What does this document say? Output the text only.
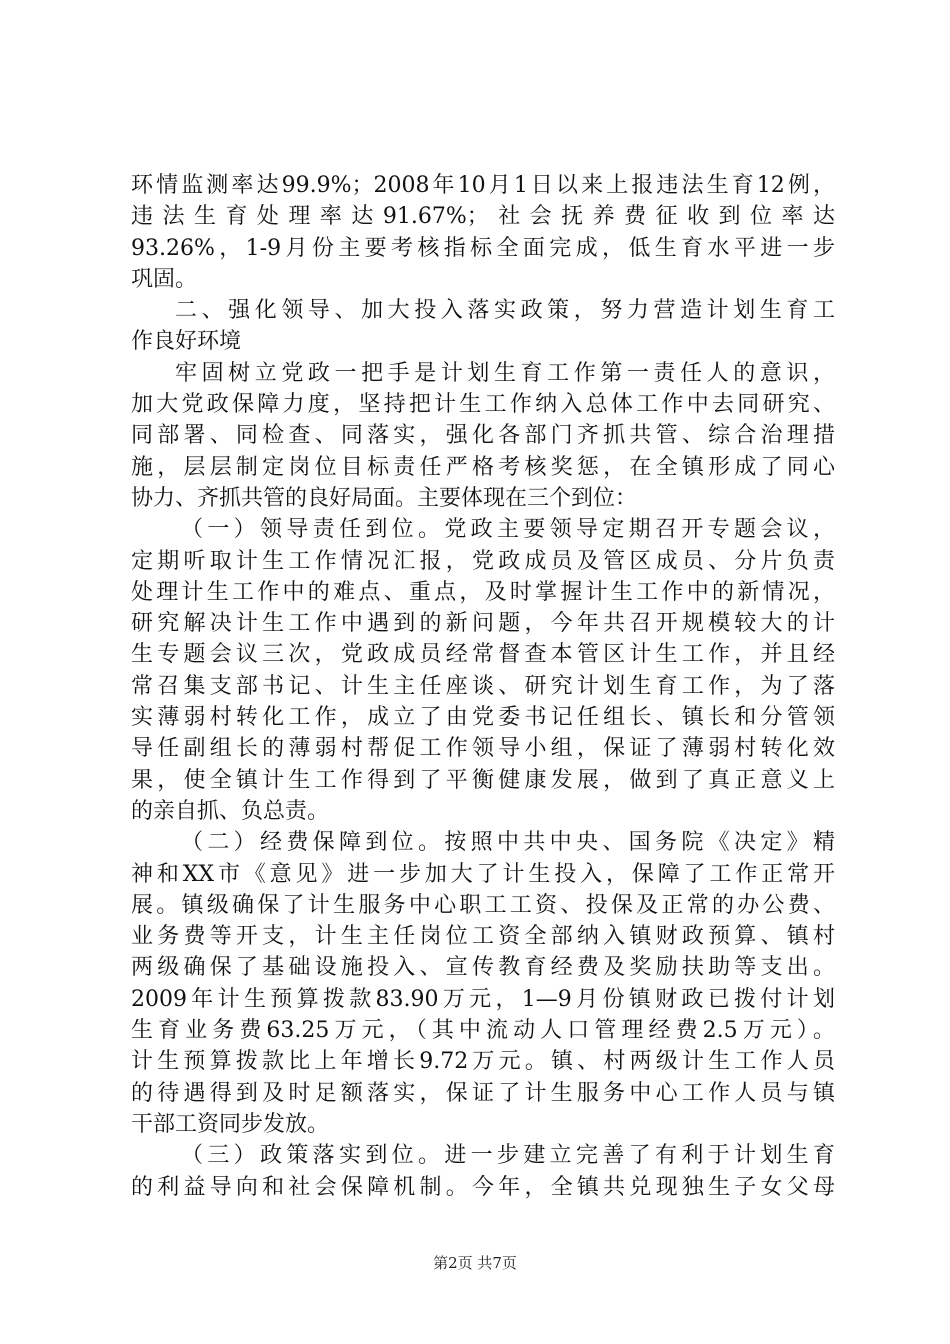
环情监测率达99.9%；2008年10月1日以来上报违法生育12例，
违法生育处理率达91.67%；社会抚养费征收到位率达
93.26%，1-9月份主要考核指标全面完成，低生育水平进一步
巩固。
二、强化领导、加大投入落实政策，努力营造计划生育工
作良好环境
牢固树立党政一把手是计划生育工作第一责任人的意识，
加大党政保障力度，坚持把计生工作纳入总体工作中去同研究、
同部署、同检查、同落实，强化各部门齐抓共管、综合治理措
施，层层制定岗位目标责任严格考核奖惩，在全镇形成了同心
协力、齐抓共管的良好局面。主要体现在三个到位：
（一）领导责任到位。党政主要领导定期召开专题会议，
定期听取计生工作情况汇报，党政成员及管区成员、分片负责
处理计生工作中的难点、重点，及时掌握计生工作中的新情况，
研究解决计生工作中遇到的新问题，今年共召开规模较大的计
生专题会议三次，党政成员经常督查本管区计生工作，并且经
常召集支部书记、计生主任座谈、研究计划生育工作，为了落
实薄弱村转化工作，成立了由党委书记任组长、镇长和分管领
导任副组长的薄弱村帮促工作领导小组，保证了薄弱村转化效
果，使全镇计生工作得到了平衡健康发展，做到了真正意义上
的亲自抓、负总责。
（二）经费保障到位。按照中共中央、国务院《决定》精
神和XX市《意见》进一步加大了计生投入，保障了工作正常开
展。镇级确保了计生服务中心职工工资、投保及正常的办公费、
业务费等开支，计生主任岗位工资全部纳入镇财政预算、镇村
两级确保了基础设施投入、宣传教育经费及奖励扶助等支出。
2009年计生预算拨款83.90万元，1—9月份镇财政已拨付计划
生育业务费63.25万元，（其中流动人口管理经费2.5万元）。
计生预算拨款比上年增长9.72万元。镇、村两级计生工作人员
的待遇得到及时足额落实，保证了计生服务中心工作人员与镇
干部工资同步发放。
（三）政策落实到位。进一步建立完善了有利于计划生育
的利益导向和社会保障机制。今年，全镇共兑现独生子女父母
第2页 共7页
